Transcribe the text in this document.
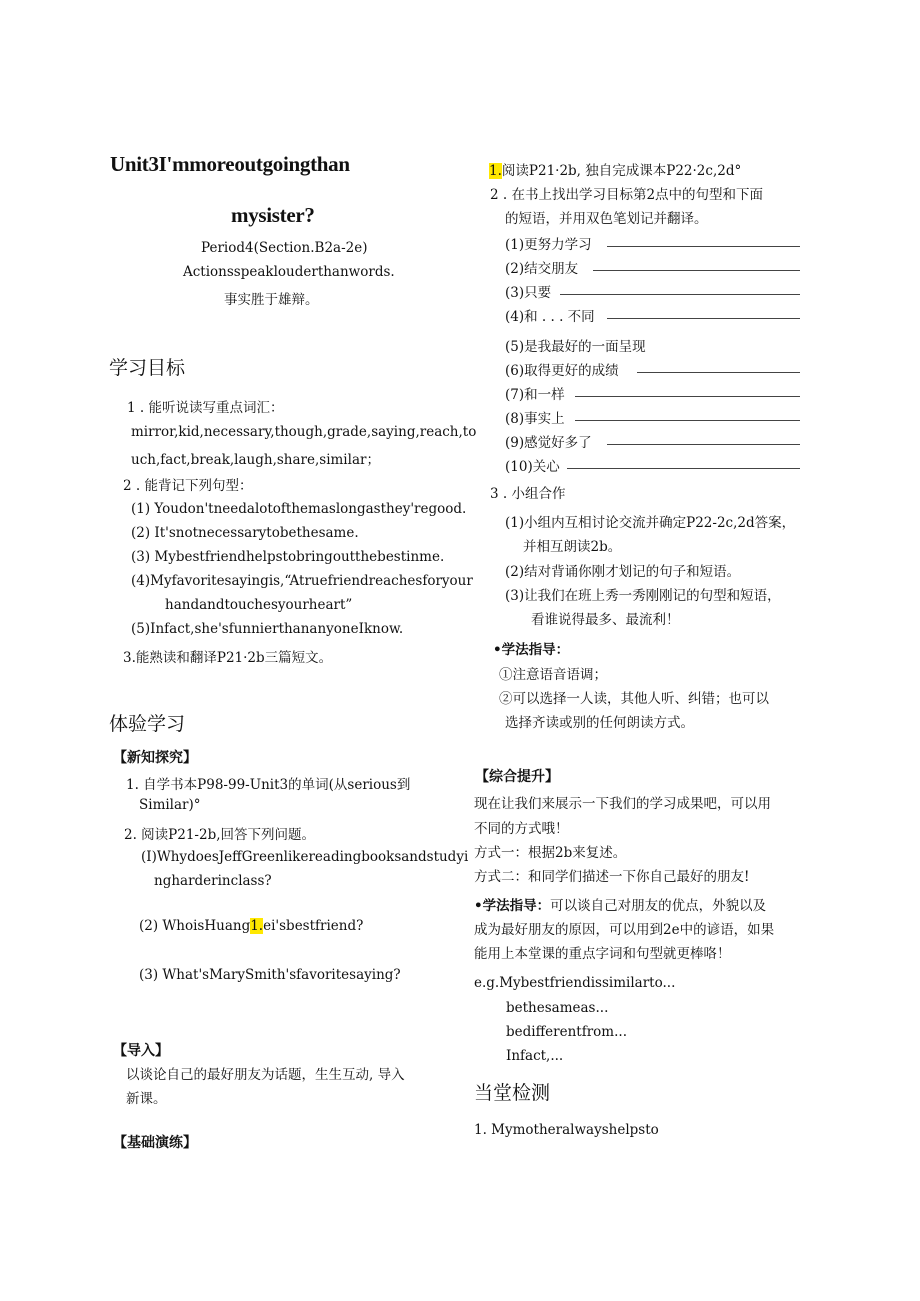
Unit3I'mmoreoutgoingthan
mysister?
Period4(Section.B2a-2e)
Actionsspeaklouderthanwords.
事实胜于雄辩。
学习目标
1 . 能听说读写重点词汇：
mirror,kid,necessary,though,grade,saying,reach,to
uch,fact,break,laugh,share,similar；
2 . 能背记下列句型：
(1) Youdon'tneedalotofthemaslongasthey'regood.
(2) It'snotnecessarytobethesame.
(3) Mybestfriendhelpstobringoutthebestinme.
(4)Myfavoritesayingis,“Atruefriendreachesforyour
handandtouchesyourheart”
(5)Infact,she'sfunnierthananyoneIknow.
3.能熟读和翻译P21·2b三篇短文。
体验学习
【新知探究】
1. 自学书本P98-99-Unit3的单词(从serious到
Similar)°
2. 阅读P21-2b,回答下列问题。
(I)WhydoesJeffGreenlikereadingbooksandstudyi
ngharderinclass?
(2) WhoisHuang1.ei'sbestfriend?
(3) What'sMarySmith'sfavoritesaying?
【导入】
以谈论自己的最好朋友为话题，生生互动, 导入
新课。
【基础演练】
1.阅读P21·2b, 独自完成课本P22·2c,2d°
2 . 在书上找出学习目标第2点中的句型和下面
的短语，并用双色笔划记并翻译。
(1)更努力学习
(2)结交朋友
(3)只要
(4)和 . . . 不同
(5)是我最好的一面呈现
(6)取得更好的成绩
(7)和一样
(8)事实上
(9)感觉好多了
(10)关心
3 . 小组合作
(1)小组内互相讨论交流并确定P22-2c,2d答案，
并相互朗读2b。
(2)结对背诵你刚才划记的句子和短语。
(3)让我们在班上秀一秀刚刚记的句型和短语，
看谁说得最多、最流利！
•学法指导：
①注意语音语调；
②可以选择一人读，其他人听、纠错；也可以
选择齐读或别的任何朗读方式。
【综合提升】
现在让我们来展示一下我们的学习成果吧，可以用
不同的方式哦！
方式一：根据2b来复述。
方式二：和同学们描述一下你自己最好的朋友!
•学法指导：可以谈自己对朋友的优点，外貌以及
成为最好朋友的原因，可以用到2e中的谚语，如果
能用上本堂课的重点字词和句型就更棒咯！
e.g.Mybestfriendissimilarto...
bethesameas...
bedifferentfrom...
Infact,...
当堂检测
1. Mymotheralwayshelpsto
